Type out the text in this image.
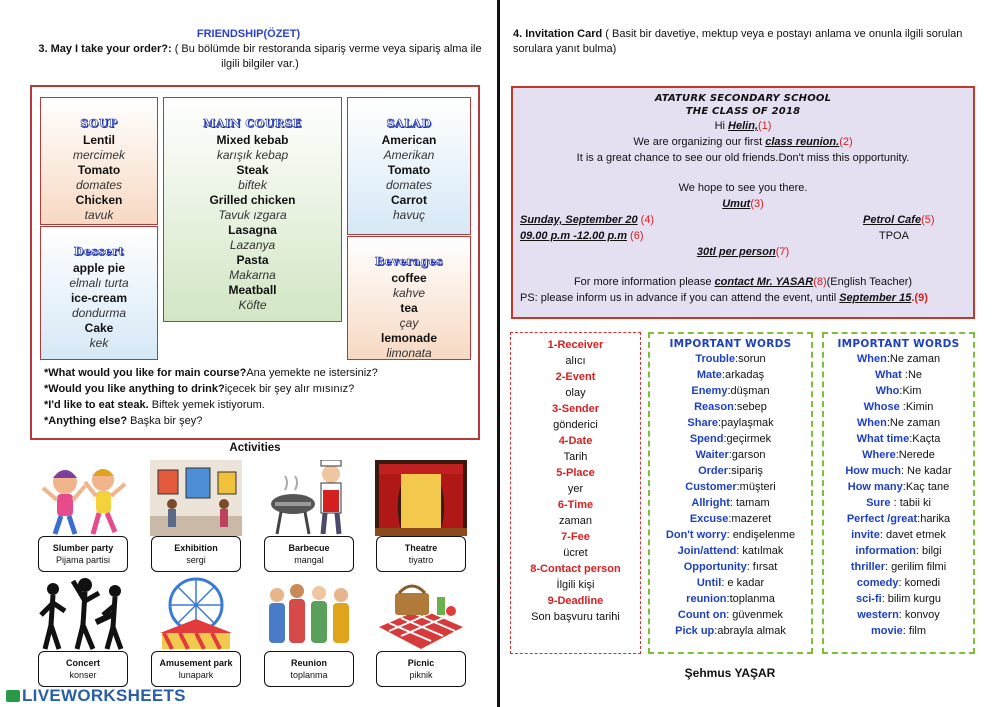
FRIENDSHIP(ÖZET)
3. May I take your order?: ( Bu bölümde bir restoranda sipariş verme veya sipariş alma ile ilgili bilgiler var.)
SOUP
Lentil
mercimek
Tomato
domates
Chicken
tavuk
Dessert
apple pie
elmalı turta
ice-cream
dondurma
Cake
kek
MAIN COURSE
Mixed kebab
karışık kebap
Steak
biftek
Grilled chicken
Tavuk ızgara
Lasagna
Lazanya
Pasta
Makarna
Meatball
Köfte
SALAD
American
Amerikan
Tomato
domates
Carrot
havuç
Beverages
coffee
kahve
tea
çay
lemonade
limonata
*What would you like for main course?Ana yemekte ne istersiniz?
*Would you like anything to drink?içecek bir şey alır mısınız?
*I'd like to eat steak. Biftek yemek istiyorum.
*Anything else? Başka bir şey?
Activities
Slumber party
Pijama partisi
Exhibition
sergi
Barbecue
mangal
Theatre
tiyatro
Concert
konser
Amusement park
lunapark
Reunion
toplanma
Picnic
piknik
LIVEWORKSHEETS
4. Invitation Card ( Basit bir davetiye, mektup veya e postayı anlama ve onunla ilgili sorulan sorulara yanıt bulma)
ATATURK SECONDARY SCHOOL
THE CLASS OF 2018
Hi Helin,(1)
We are organizing our first class reunion.(2)
It is a great chance to see our old friends.Don't miss this opportunity.
We hope to see you there.
Umut(3)
Sunday, September 20 (4)	Petrol Cafe(5)
09.00 p.m -12.00 p.m (6)	TPOA
30tl per person(7)
For more information please contact Mr. YASAR(8)(English Teacher)
PS: please inform us in advance if you can attend the event, until September 15.(9)
1-Receiver
alıcı
2-Event
olay
3-Sender
gönderici
4-Date
Tarih
5-Place
yer
6-Time
zaman
7-Fee
ücret
8-Contact person
İlgili kişi
9-Deadline
Son başvuru tarihi
IMPORTANT WORDS
Trouble:sorun
Mate:arkadaş
Enemy:düşman
Reason:sebep
Share:paylaşmak
Spend:geçirmek
Waiter:garson
Order:sipariş
Customer:müşteri
Allright: tamam
Excuse:mazeret
Don't worry: endişelenme
Join/attend: katılmak
Opportunity: fırsat
Until: e kadar
reunion:toplanma
Count on: güvenmek
Pick up:abrayla almak
IMPORTANT WORDS
When:Ne zaman
What :Ne
Who:Kim
Whose :Kimin
When:Ne zaman
What time:Kaçta
Where:Nerede
How much: Ne kadar
How many:Kaç tane
Sure : tabii ki
Perfect /great:harika
invite: davet etmek
information: bilgi
thriller: gerilim filmi
comedy: komedi
sci-fi: bilim kurgu
western: konvoy
movie: film
Şehmus YAŞAR
